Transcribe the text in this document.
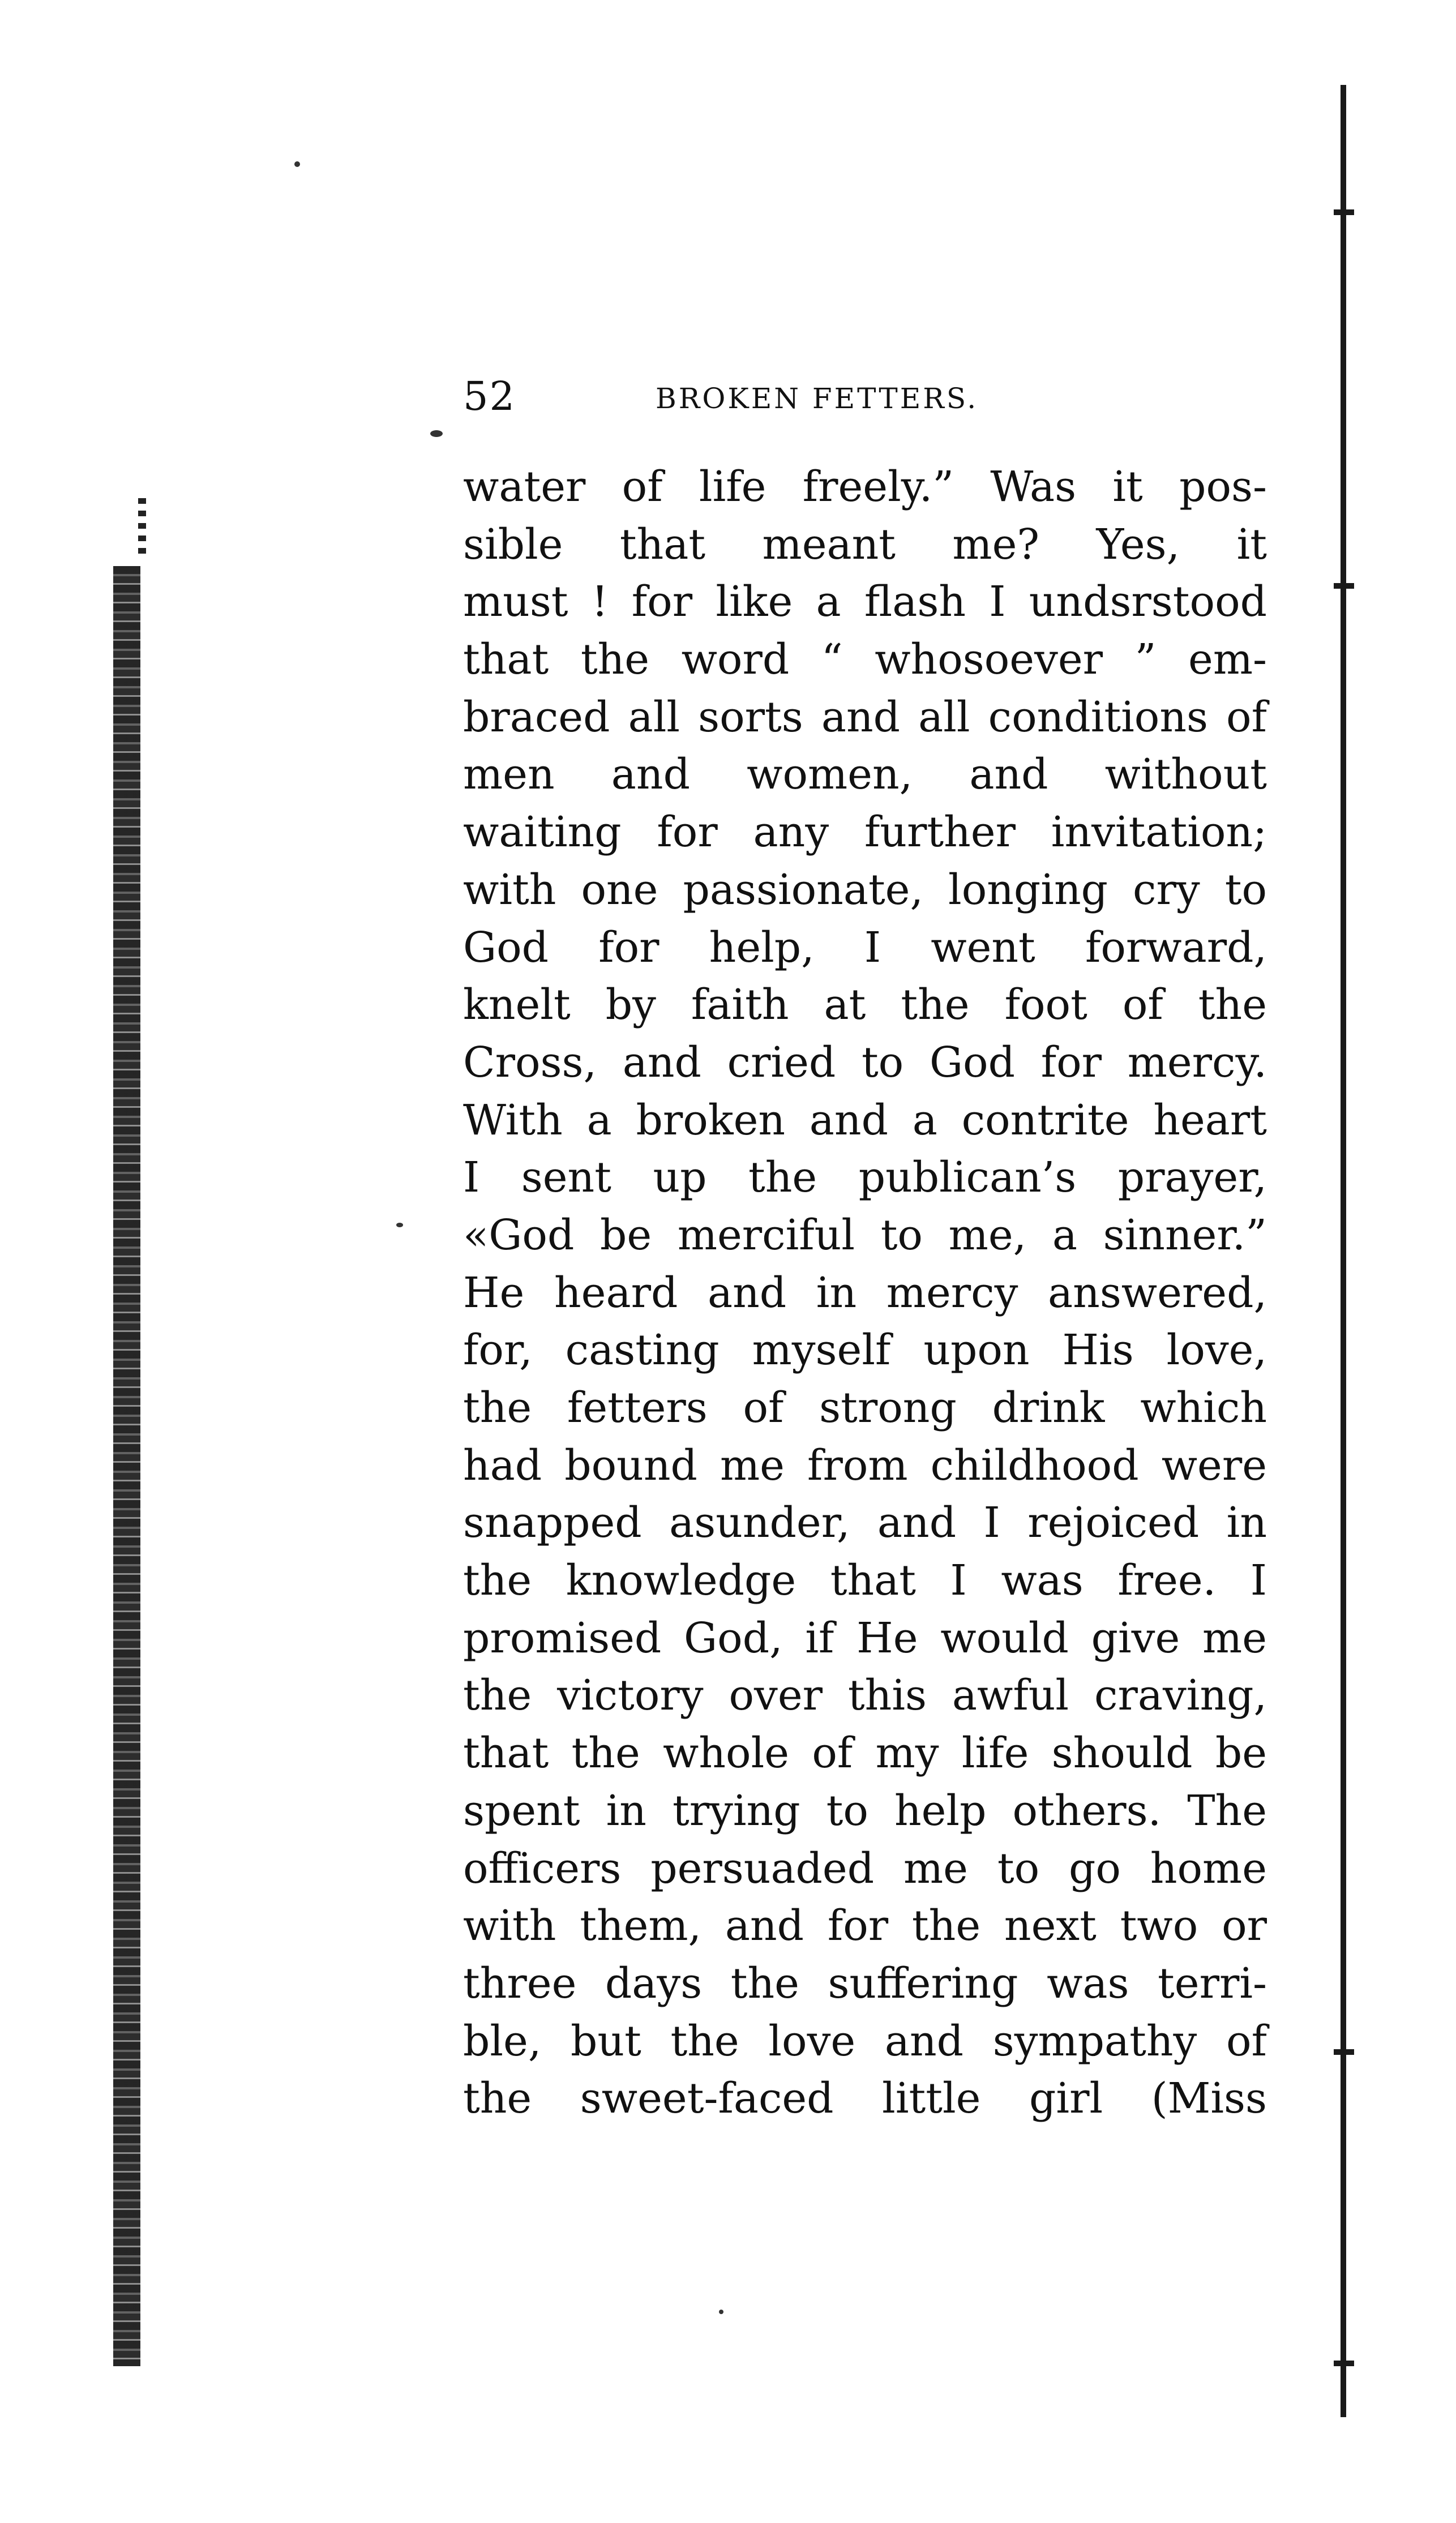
52	BROKEN FETTERS.
water of life freely.” Was it pos-
sible that meant me? Yes, it
must ! for like a flash I undsrstood
that the word “ whosoever ” em-
braced all sorts and all conditions of
men and women, and without
waiting for any further invitation;
with one passionate, longing cry to
God for help, I went forward,
knelt by faith at the foot of the
Cross, and cried to God for mercy.
With a broken and a contrite heart
I sent up the publican’s prayer,
«God be merciful to me, a sinner.”
He heard and in mercy answered,
for, casting myself upon His love,
the fetters of strong drink which
had bound me from childhood were
snapped asunder, and I rejoiced in
the knowledge that I was free. I
promised God, if He would give me
the victory over this awful craving,
that the whole of my life should be
spent in trying to help others. The
officers persuaded me to go home
with them, and for the next two or
three days the suffering was terri-
ble, but the love and sympathy of
the sweet-faced little girl (Miss
